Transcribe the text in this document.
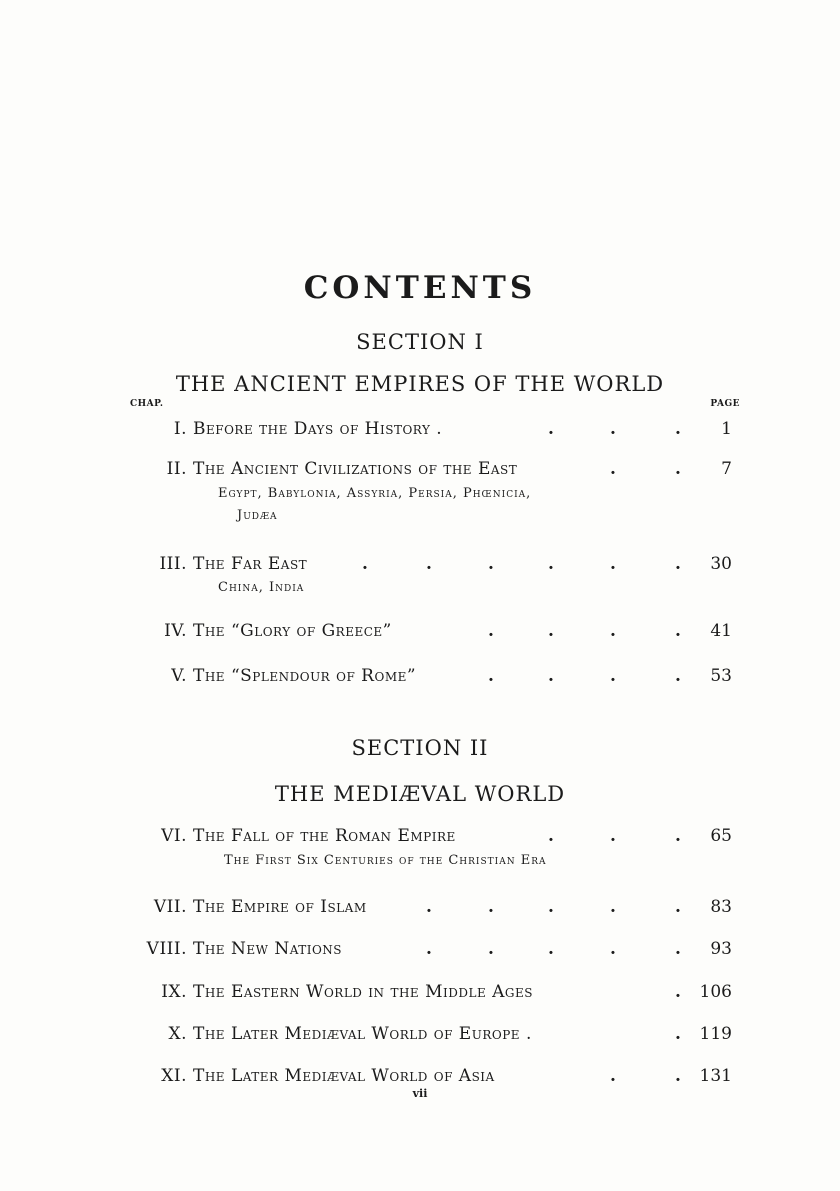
CONTENTS
SECTION I
THE ANCIENT EMPIRES OF THE WORLD
CHAP.	PAGE
I. Before the Days of History .	.	.	. 1
II. The Ancient Civilizations of the East	.	. 7
Egypt, Babylonia, Assyria, Persia, Phœnicia,
Judæa
III. The Far East	.	.	.	.	.	. 30
China, India
IV. The “Glory of Greece”	.	.	.	. 41
V. The “Splendour of Rome”	.	.	.	. 53
SECTION II
THE MEDIÆVAL WORLD
VI. The Fall of the Roman Empire	.	.	. 65
The First Six Centuries of the Christian Era
VII. The Empire of Islam	.	.	.	.	. 83
VIII. The New Nations	.	.	.	.	. 93
IX. The Eastern World in the Middle Ages	. 106
X. The Later Mediæval World of Europe .	. 119
XI. The Later Mediæval World of Asia	.	. 131
vii
